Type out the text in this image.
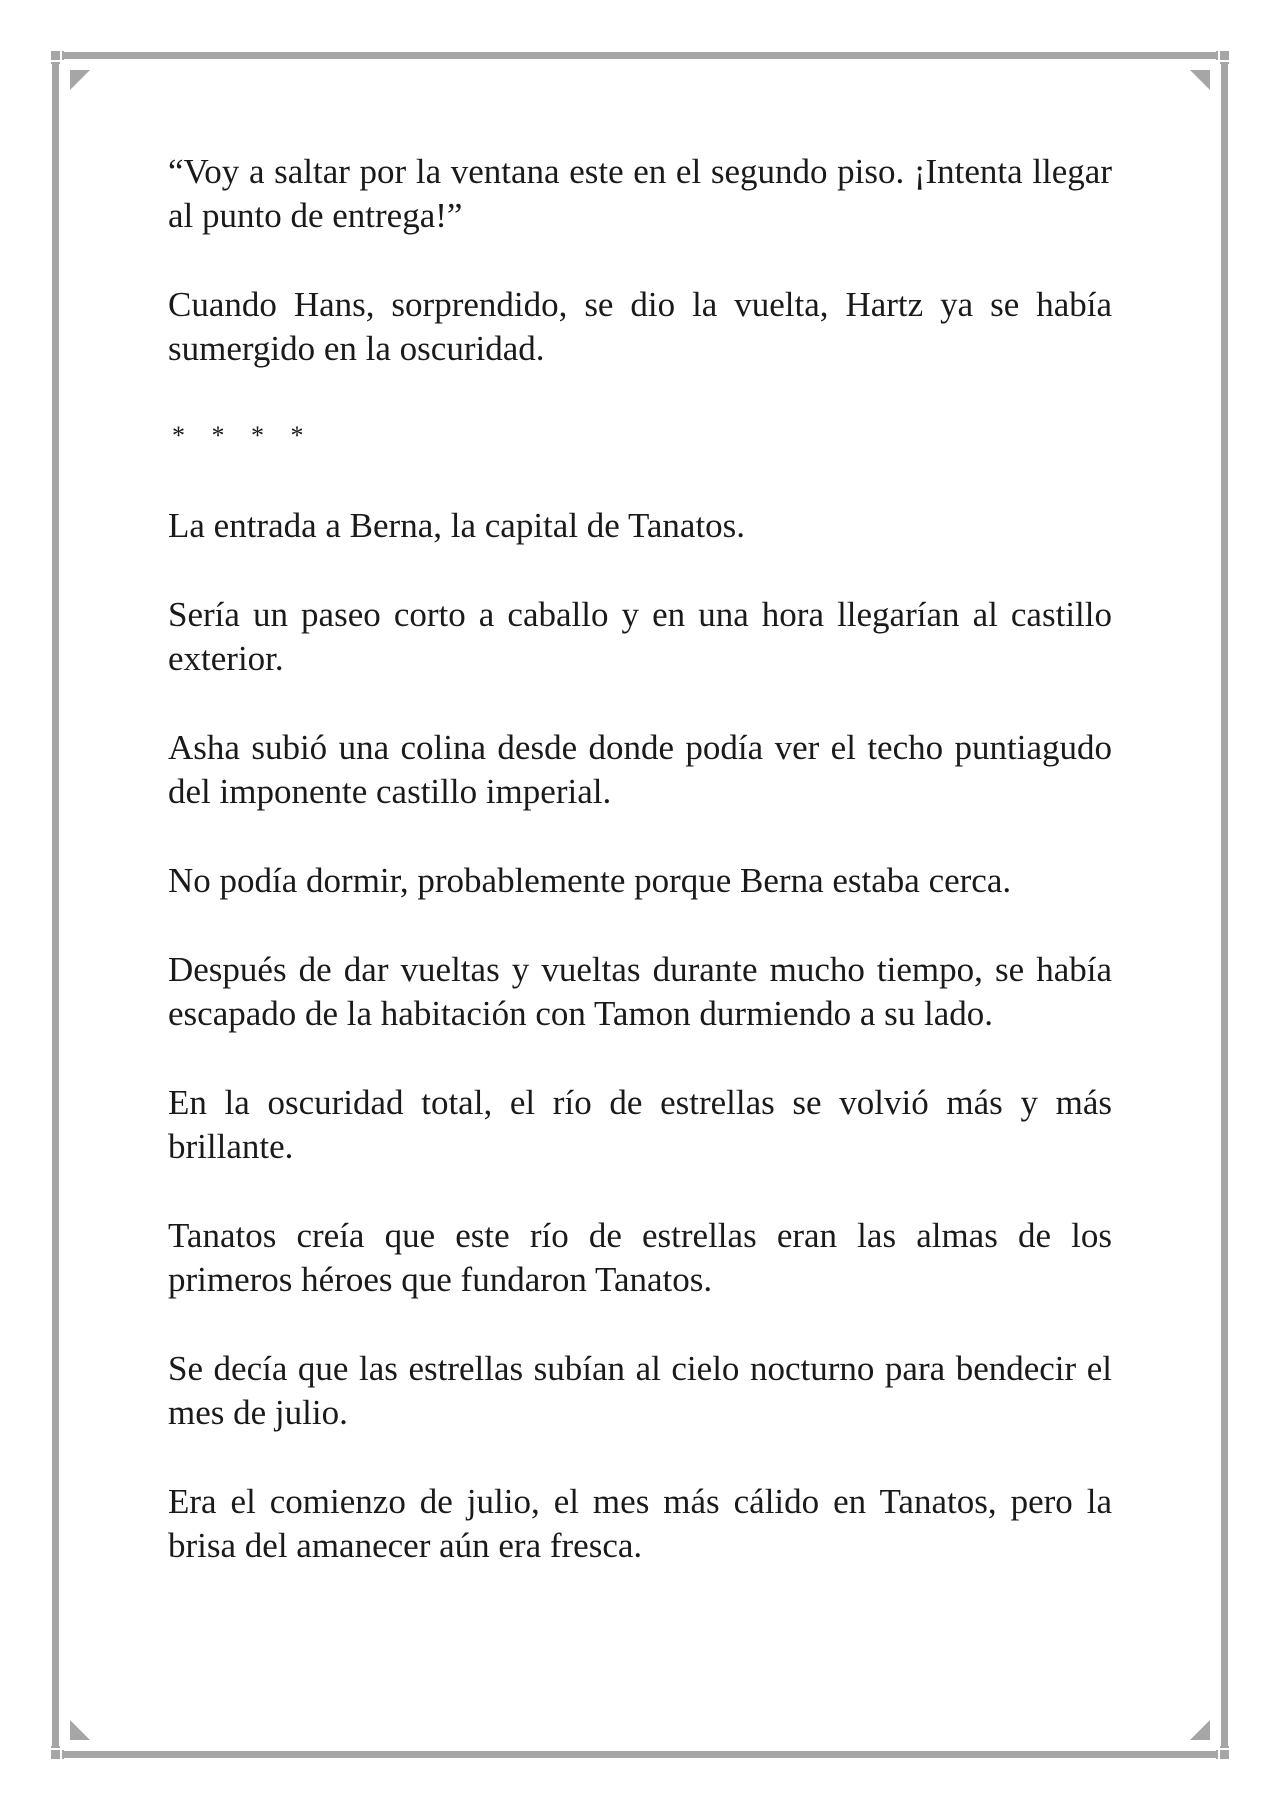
“Voy a saltar por la ventana este en el segundo piso. ¡Intenta llegar al punto de entrega!”

Cuando Hans, sorprendido, se dio la vuelta, Hartz ya se había sumergido en la oscuridad.

* * * *

La entrada a Berna, la capital de Tanatos.

Sería un paseo corto a caballo y en una hora llegarían al castillo exterior.

Asha subió una colina desde donde podía ver el techo puntiagudo del imponente castillo imperial.

No podía dormir, probablemente porque Berna estaba cerca.

Después de dar vueltas y vueltas durante mucho tiempo, se había escapado de la habitación con Tamon durmiendo a su lado.

En la oscuridad total, el río de estrellas se volvió más y más brillante.

Tanatos creía que este río de estrellas eran las almas de los primeros héroes que fundaron Tanatos.

Se decía que las estrellas subían al cielo nocturno para bendecir el mes de julio.

Era el comienzo de julio, el mes más cálido en Tanatos, pero la brisa del amanecer aún era fresca.
